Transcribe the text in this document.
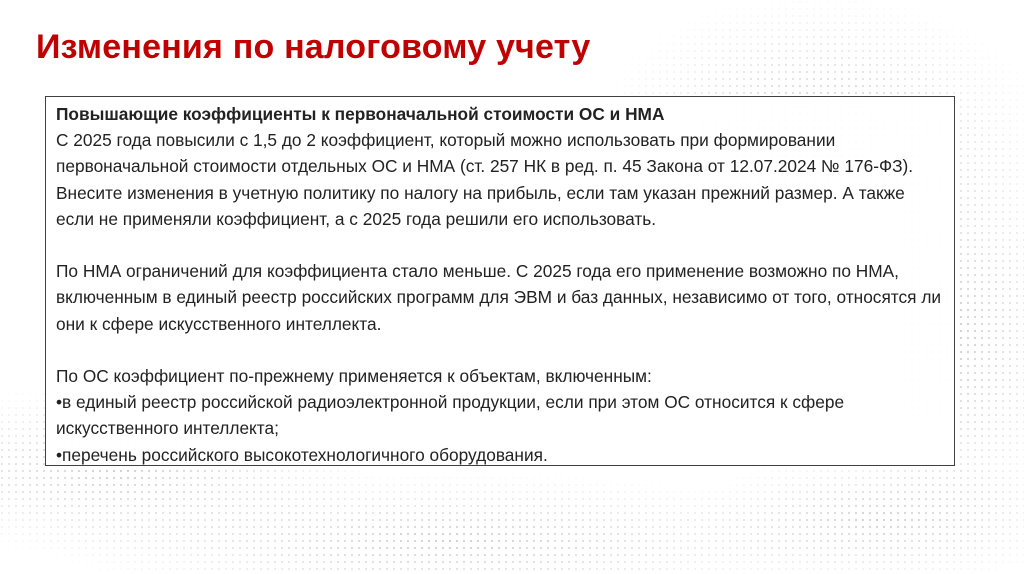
Изменения по налоговому учету

Повышающие коэффициенты к первоначальной стоимости ОС и НМА

С 2025 года повысили с 1,5 до 2 коэффициент, который можно использовать при формировании первоначальной стоимости отдельных ОС и НМА (ст. 257 НК в ред. п. 45 Закона от 12.07.2024 № 176-ФЗ). Внесите изменения в учетную политику по налогу на прибыль, если там указан прежний размер. А также если не применяли коэффициент, а с 2025 года решили его использовать.

По НМА ограничений для коэффициента стало меньше. С 2025 года его применение возможно по НМА, включенным в единый реестр российских программ для ЭВМ и баз данных, независимо от того, относятся ли они к сфере искусственного интеллекта.

По ОС коэффициент по-прежнему применяется к объектам, включенным:

•в единый реестр российской радиоэлектронной продукции, если при этом ОС относится к сфере искусственного интеллекта;

•перечень российского высокотехнологичного оборудования.
